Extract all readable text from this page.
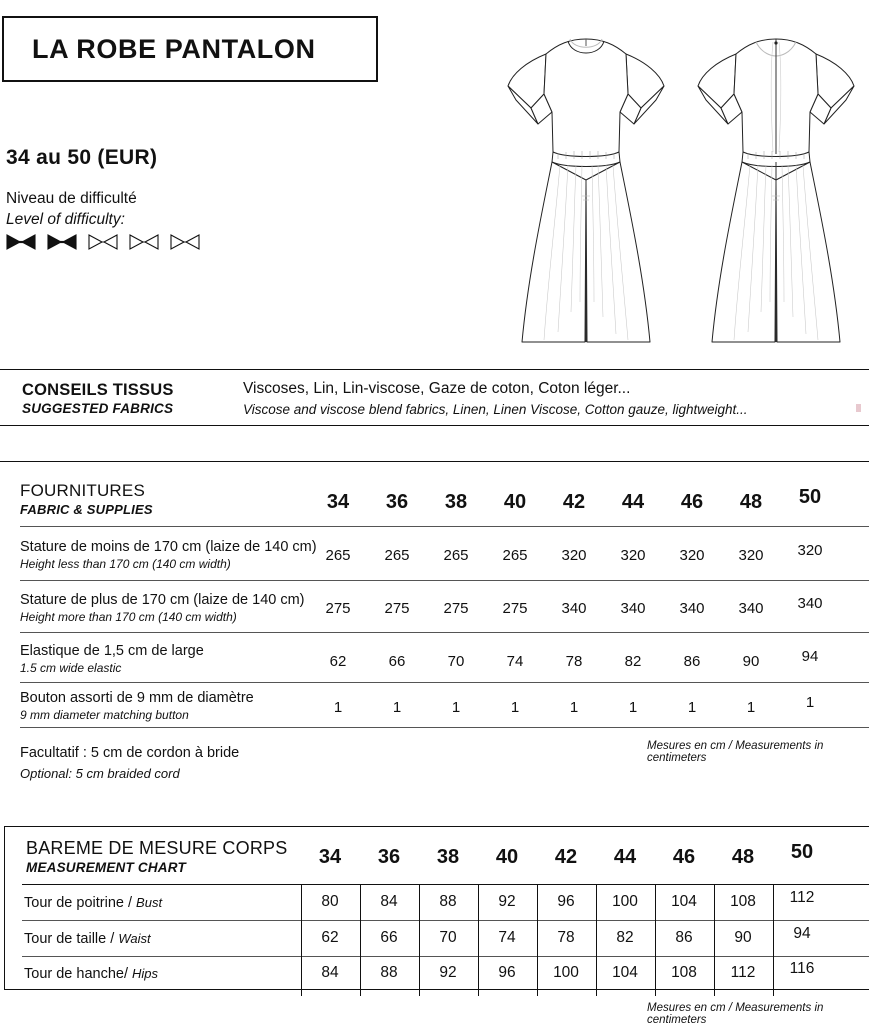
LA ROBE PANTALON
34 au 50 (EUR)
Niveau de difficulté
Level of difficulty:
CONSEILS TISSUS
SUGGESTED FABRICS
Viscoses, Lin, Lin-viscose, Gaze de coton, Coton léger...
Viscose and viscose blend fabrics, Linen, Linen Viscose, Cotton gauze, lightweight...
FOURNITURES
FABRIC & SUPPLIES	34	36	38	40	42	44	46	48	50
Stature de moins de 170 cm (laize de 140 cm)
Height less than 170 cm (140 cm width)	265	265	265	265	320	320	320	320	320
Stature de plus de 170 cm (laize de 140 cm)
Height more than 170 cm (140 cm width)	275	275	275	275	340	340	340	340	340
Elastique de 1,5 cm de large
1.5 cm wide elastic	62	66	70	74	78	82	86	90	94
Bouton assorti de 9 mm de diamètre
9 mm diameter matching button	1	1	1	1	1	1	1	1	1
Facultatif : 5 cm de cordon à bride
Optional: 5 cm braided cord
Mesures en cm / Measurements in centimeters
BAREME DE MESURE CORPS
MEASUREMENT CHART	34	36	38	40	42	44	46	48	50
Tour de poitrine / Bust	80	84	88	92	96	100	104	108	112
Tour de taille / Waist	62	66	70	74	78	82	86	90	94
Tour de hanche/ Hips	84	88	92	96	100	104	108	112	116
Mesures en cm / Measurements in centimeters
